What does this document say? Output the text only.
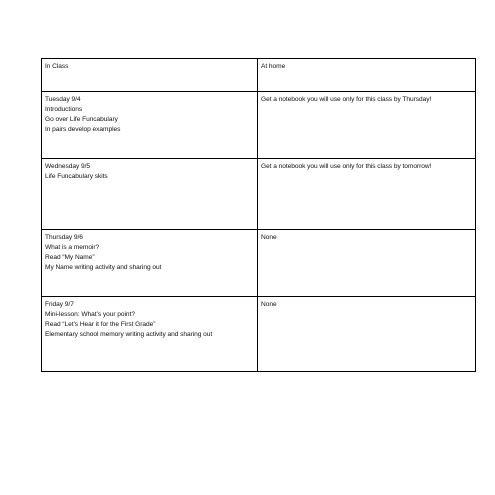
In Class	At home

Tuesday 9/4
Introductions
Go over Life Funcabulary
In pairs develop examples	Get a notebook you will use only for this class by Thursday!

Wednesday 9/5
Life Funcabulary skits	Get a notebook you will use only for this class by tomorrow!

Thursday 9/6
What is a memoir?
Read “My Name”
My Name writing activity and sharing out	None

Friday 9/7
Mini-lesson: What’s your point?
Read “Let’s Hear it for the First Grade”
Elementary school memory writing activity and sharing out	None
